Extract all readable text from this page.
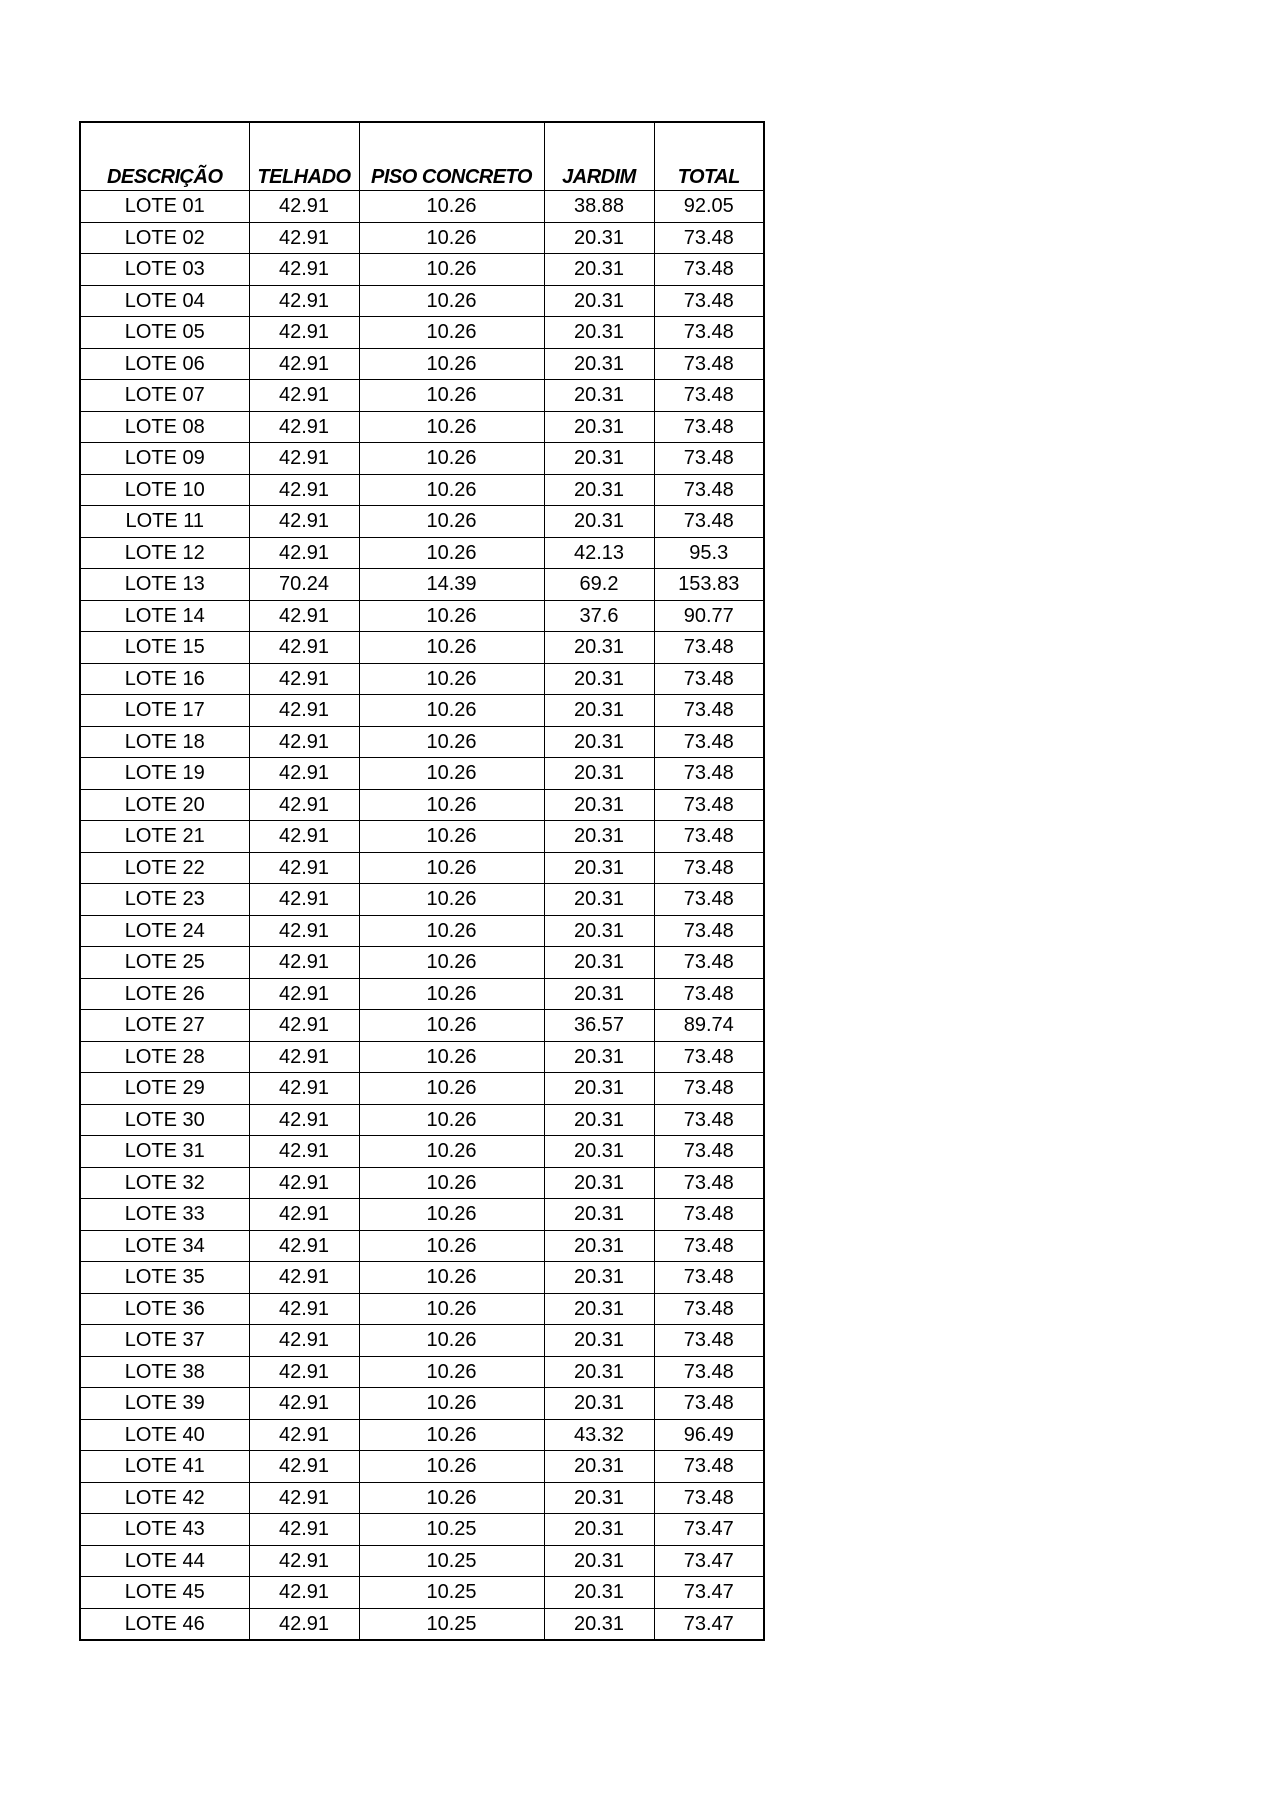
DESCRIÇÃO	TELHADO	PISO CONCRETO	JARDIM	TOTAL
LOTE 01	42.91	10.26	38.88	92.05
LOTE 02	42.91	10.26	20.31	73.48
LOTE 03	42.91	10.26	20.31	73.48
LOTE 04	42.91	10.26	20.31	73.48
LOTE 05	42.91	10.26	20.31	73.48
LOTE 06	42.91	10.26	20.31	73.48
LOTE 07	42.91	10.26	20.31	73.48
LOTE 08	42.91	10.26	20.31	73.48
LOTE 09	42.91	10.26	20.31	73.48
LOTE 10	42.91	10.26	20.31	73.48
LOTE 11	42.91	10.26	20.31	73.48
LOTE 12	42.91	10.26	42.13	95.3
LOTE 13	70.24	14.39	69.2	153.83
LOTE 14	42.91	10.26	37.6	90.77
LOTE 15	42.91	10.26	20.31	73.48
LOTE 16	42.91	10.26	20.31	73.48
LOTE 17	42.91	10.26	20.31	73.48
LOTE 18	42.91	10.26	20.31	73.48
LOTE 19	42.91	10.26	20.31	73.48
LOTE 20	42.91	10.26	20.31	73.48
LOTE 21	42.91	10.26	20.31	73.48
LOTE 22	42.91	10.26	20.31	73.48
LOTE 23	42.91	10.26	20.31	73.48
LOTE 24	42.91	10.26	20.31	73.48
LOTE 25	42.91	10.26	20.31	73.48
LOTE 26	42.91	10.26	20.31	73.48
LOTE 27	42.91	10.26	36.57	89.74
LOTE 28	42.91	10.26	20.31	73.48
LOTE 29	42.91	10.26	20.31	73.48
LOTE 30	42.91	10.26	20.31	73.48
LOTE 31	42.91	10.26	20.31	73.48
LOTE 32	42.91	10.26	20.31	73.48
LOTE 33	42.91	10.26	20.31	73.48
LOTE 34	42.91	10.26	20.31	73.48
LOTE 35	42.91	10.26	20.31	73.48
LOTE 36	42.91	10.26	20.31	73.48
LOTE 37	42.91	10.26	20.31	73.48
LOTE 38	42.91	10.26	20.31	73.48
LOTE 39	42.91	10.26	20.31	73.48
LOTE 40	42.91	10.26	43.32	96.49
LOTE 41	42.91	10.26	20.31	73.48
LOTE 42	42.91	10.26	20.31	73.48
LOTE 43	42.91	10.25	20.31	73.47
LOTE 44	42.91	10.25	20.31	73.47
LOTE 45	42.91	10.25	20.31	73.47
LOTE 46	42.91	10.25	20.31	73.47
